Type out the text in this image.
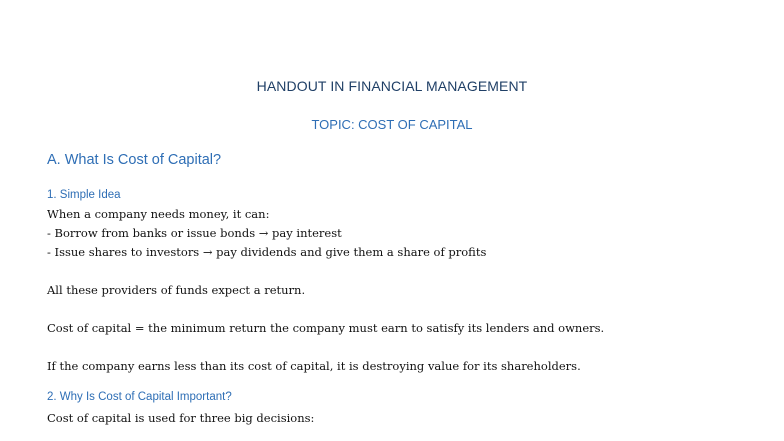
HANDOUT IN FINANCIAL MANAGEMENT
TOPIC: COST OF CAPITAL
A. What Is Cost of Capital?
1. Simple Idea

When a company needs money, it can:

- Borrow from banks or issue bonds → pay interest

- Issue shares to investors → pay dividends and give them a share of profits

All these providers of funds expect a return.

Cost of capital = the minimum return the company must earn to satisfy its lenders and owners.

If the company earns less than its cost of capital, it is destroying value for its shareholders.

2. Why Is Cost of Capital Important?

Cost of capital is used for three big decisions:
